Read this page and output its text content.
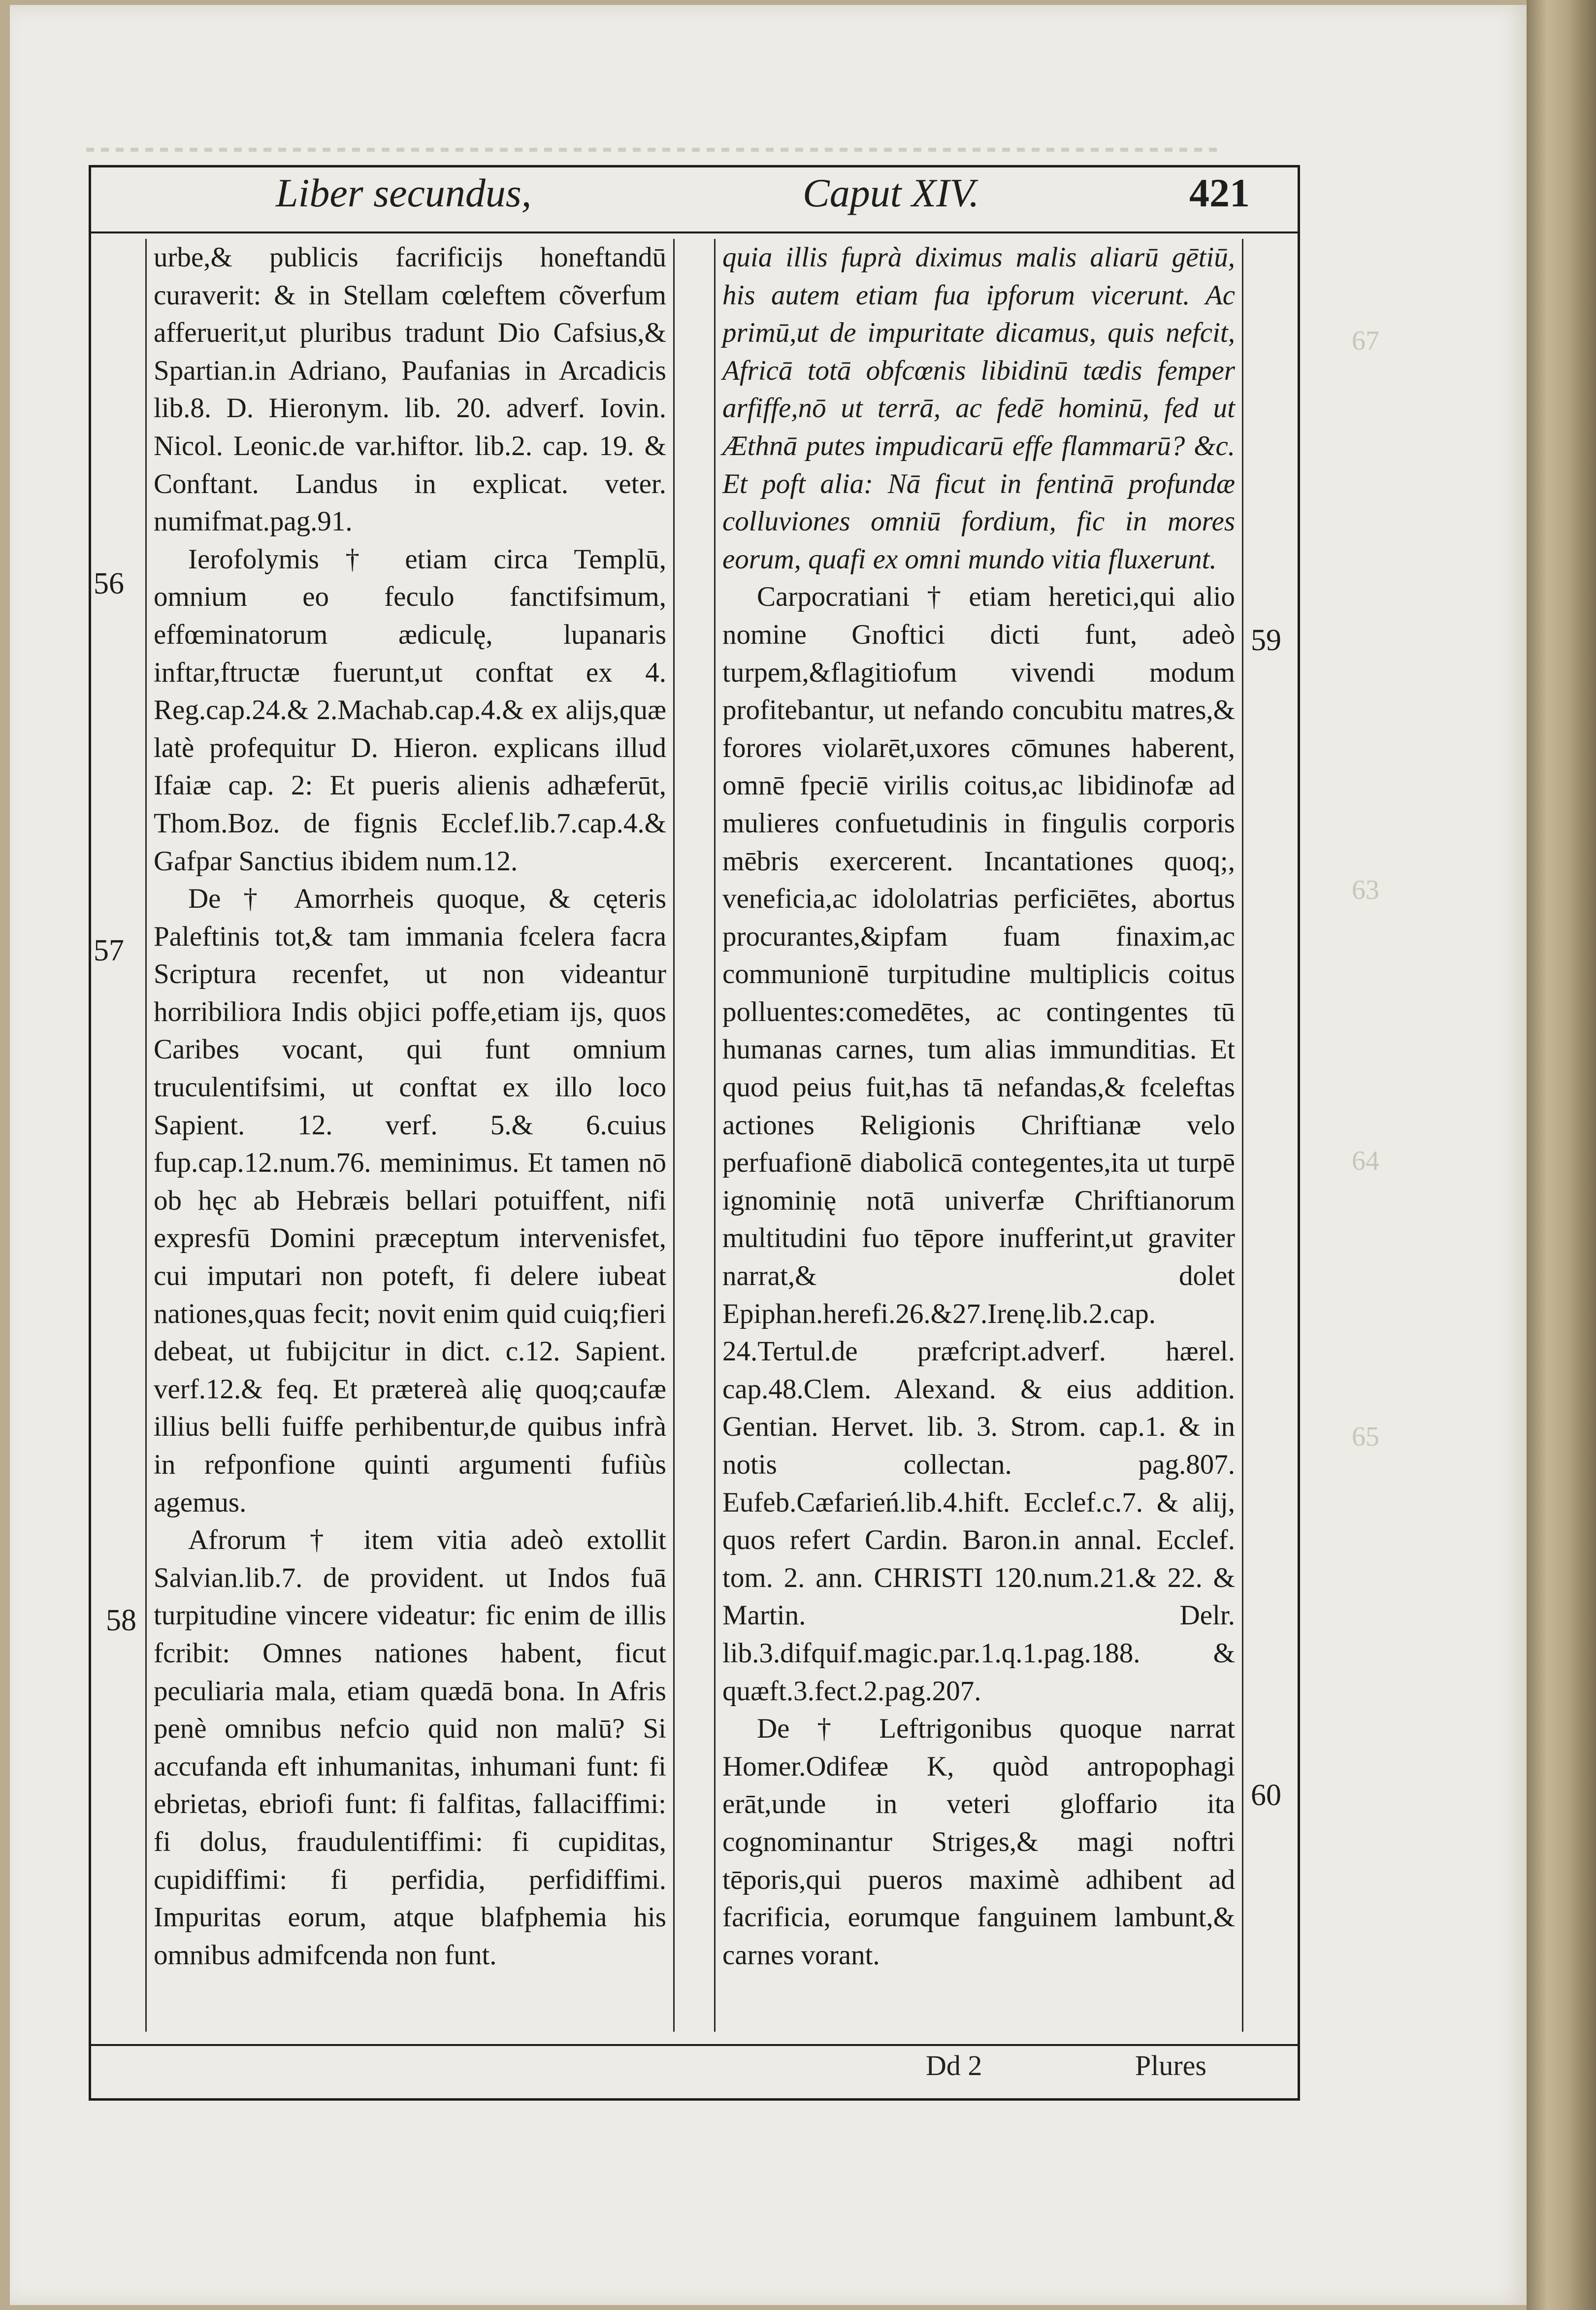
Liber secundus,	Caput XIV.	421

urbe,& publicis facrificijs honeftandū curaverit: & in Stellam cœleftem cõverfum afferuerit,ut pluribus tradunt Dio Cafsius,& Spartian.in Adriano, Paufanias in Arcadicis lib.8. D. Hieronym. lib. 20. adverf. Iovin. Nicol. Leonic.de var.hiftor. lib.2. cap. 19. & Conftant. Landus in explicat. veter. numifmat.pag.91.

Ierofolymis † etiam circa Templū, omnium eo feculo fanctifsimum, effœminatorum ædiculę, lupanaris inftar,ftructæ fuerunt,ut conftat ex 4. Reg.cap.24.& 2.Machab.cap.4.& ex alijs,quæ latè profequitur D. Hieron. explicans illud Ifaiæ cap. 2: Et pueris alienis adhæferūt, Thom.Boz. de fignis Ecclef.lib.7.cap.4.& Gafpar Sanctius ibidem num.12.

De † Amorrheis quoque, & cęteris Paleftinis tot,& tam immania fcelera facra Scriptura recenfet, ut non videantur horribiliora Indis objici poffe,etiam ijs, quos Caribes vocant, qui funt omnium truculentifsimi, ut conftat ex illo loco Sapient. 12. verf. 5.& 6.cuius fup.cap.12.num.76. meminimus. Et tamen nō ob hęc ab Hebræis bellari potuiffent, nifi expresfū Domini præceptum intervenisfet, cui imputari non poteft, fi delere iubeat nationes,quas fecit; novit enim quid cuiq;fieri debeat, ut fubijcitur in dict. c.12. Sapient. verf.12.& feq. Et prætereà alię quoq;caufæ illius belli fuiffe perhibentur,de quibus infrà in refponfione quinti argumenti fufiùs agemus.

Afrorum † item vitia adeò extollit Salvian.lib.7. de provident. ut Indos fuā turpitudine vincere videatur: fic enim de illis fcribit: Omnes nationes habent, ficut peculiaria mala, etiam quædā bona. In Afris penè omnibus nefcio quid non malū? Si accufanda eft inhumanitas, inhumani funt: fi ebrietas, ebriofi funt: fi falfitas, fallaciffimi: fi dolus, fraudulentiffimi: fi cupiditas, cupidiffimi: fi perfidia, perfidiffimi. Impuritas eorum, atque blafphemia his omnibus admifcenda non funt.

quia illis fuprà diximus malis aliarū gētiū, his autem etiam fua ipforum vicerunt. Ac primū,ut de impuritate dicamus, quis nefcit, Africā totā obfcœnis libidinū tædis femper arfiffe,nō ut terrā, ac fedē hominū, fed ut Æthnā putes impudicarū effe flammarū? &c. Et poft alia: Nā ficut in fentinā profundæ colluviones omniū fordium, fic in mores eorum, quafi ex omni mundo vitia fluxerunt.

Carpocratiani † etiam heretici,qui alio nomine Gnoftici dicti funt, adeò turpem,&flagitiofum vivendi modum profitebantur, ut nefando concubitu matres,& forores violarēt,uxores cōmunes haberent, omnē fpeciē virilis coitus,ac libidinofæ ad mulieres confuetudinis in fingulis corporis mēbris exercerent. Incantationes quoq;, veneficia,ac idololatrias perficiētes, abortus procurantes,&ipfam fuam finaxim,ac communionē turpitudine multiplicis coitus polluentes:comedētes, ac contingentes tū humanas carnes, tum alias immunditias. Et quod peius fuit,has tā nefandas,& fceleftas actiones Religionis Chriftianæ velo perfuafionē diabolicā contegentes,ita ut turpē ignominię notā univerfæ Chriftianorum multitudini fuo tēpore inufferint,ut graviter narrat,& dolet Epiphan.herefi.26.&27.Irenę.lib.2.cap. 24.Tertul.de præfcript.adverf. hærel. cap.48.Clem. Alexand. & eius addition. Gentian. Hervet. lib. 3. Strom. cap.1. & in notis collectan. pag.807. Eufeb.Cæfarień.lib.4.hift. Ecclef.c.7. & alij, quos refert Cardin. Baron.in annal. Ecclef. tom. 2. ann. CHRISTI 120.num.21.& 22. & Martin. Delr. lib.3.difquif.magic.par.1.q.1.pag.188. & quæft.3.fect.2.pag.207.

De † Leftrigonibus quoque narrat Homer.Odifeæ K, quòd antropophagi erāt,unde in veteri gloffario ita cognominantur Striges,& magi noftri tēporis,qui pueros maximè adhibent ad facrificia, eorumque fanguinem lambunt,& carnes vorant.

56
57
58
59
60
67
63
64
65
Dd 2	Plures
